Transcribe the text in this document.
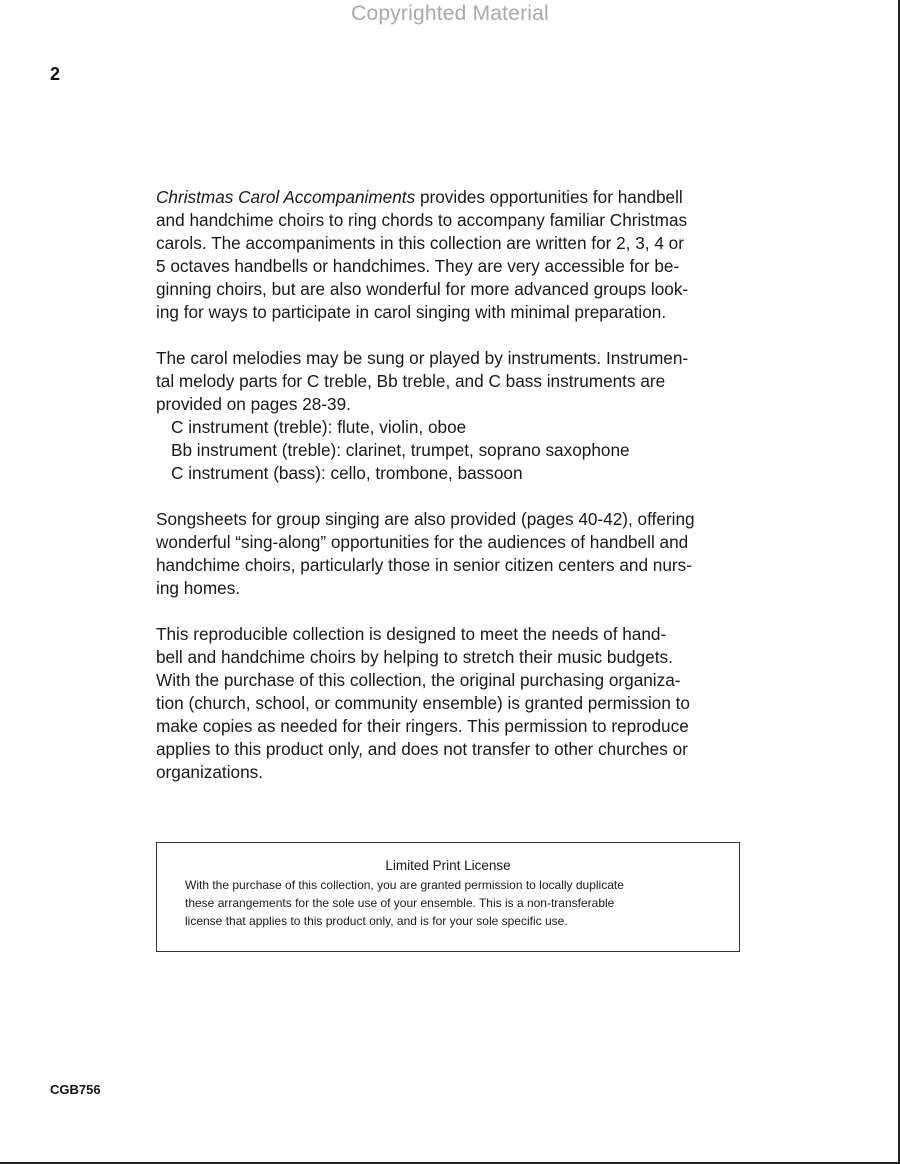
Copyrighted Material
2

Christmas Carol Accompaniments provides opportunities for handbell
and handchime choirs to ring chords to accompany familiar Christmas
carols. The accompaniments in this collection are written for 2, 3, 4 or
5 octaves handbells or handchimes. They are very accessible for be-
ginning choirs, but are also wonderful for more advanced groups look-
ing for ways to participate in carol singing with minimal preparation.

The carol melodies may be sung or played by instruments. Instrumen-
tal melody parts for C treble, Bb treble, and C bass instruments are
provided on pages 28-39.
C instrument (treble): flute, violin, oboe
Bb instrument (treble): clarinet, trumpet, soprano saxophone
C instrument (bass): cello, trombone, bassoon

Songsheets for group singing are also provided (pages 40-42), offering
wonderful “sing-along” opportunities for the audiences of handbell and
handchime choirs, particularly those in senior citizen centers and nurs-
ing homes.

This reproducible collection is designed to meet the needs of hand-
bell and handchime choirs by helping to stretch their music budgets.
With the purchase of this collection, the original purchasing organiza-
tion (church, school, or community ensemble) is granted permission to
make copies as needed for their ringers. This permission to reproduce
applies to this product only, and does not transfer to other churches or
organizations.

Limited Print License
With the purchase of this collection, you are granted permission to locally duplicate
these arrangements for the sole use of your ensemble. This is a non-transferable
license that applies to this product only, and is for your sole specific use.
CGB756
